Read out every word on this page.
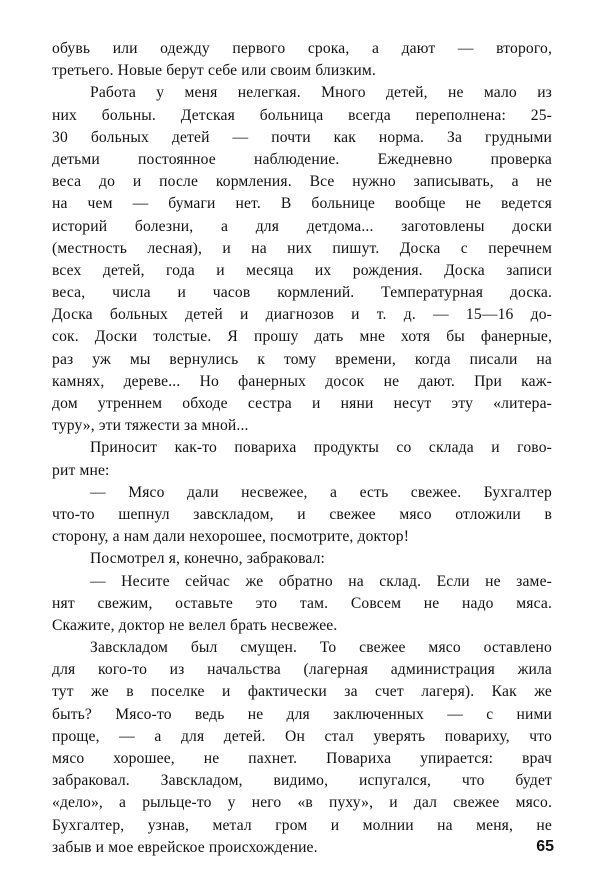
обувь или одежду первого срока, а дают — второго,
третьего. Новые берут себе или своим близким.
Работа у меня нелегкая. Много детей, не мало из
них больны. Детская больница всегда переполнена: 25-
30 больных детей — почти как норма. За грудными
детьми постоянное наблюдение. Ежедневно проверка
веса до и после кормления. Все нужно записывать, а не
на чем — бумаги нет. В больнице вообще не ведется
историй болезни, а для детдома... заготовлены доски
(местность лесная), и на них пишут. Доска с перечнем
всех детей, года и месяца их рождения. Доска записи
веса, числа и часов кормлений. Температурная доска.
Доска больных детей и диагнозов и т. д. — 15—16 до-
сок. Доски толстые. Я прошу дать мне хотя бы фанерные,
раз уж мы вернулись к тому времени, когда писали на
камнях, дереве... Но фанерных досок не дают. При каж-
дом утреннем обходе сестра и няни несут эту «литера-
туру», эти тяжести за мной...
Приносит как-то повариха продукты со склада и гово-
рит мне:
— Мясо дали несвежее, а есть свежее. Бухгалтер
что-то шепнул завскладом, и свежее мясо отложили в
сторону, а нам дали нехорошее, посмотрите, доктор!
Посмотрел я, конечно, забраковал:
— Несите сейчас же обратно на склад. Если не заме-
нят свежим, оставьте это там. Совсем не надо мяса.
Скажите, доктор не велел брать несвежее.
Завскладом был смущен. То свежее мясо оставлено
для кого-то из начальства (лагерная администрация жила
тут же в поселке и фактически за счет лагеря). Как же
быть? Мясо-то ведь не для заключенных — с ними
проще, — а для детей. Он стал уверять повариху, что
мясо хорошее, не пахнет. Повариха упирается: врач
забраковал. Завскладом, видимо, испугался, что будет
«дело», а рыльце-то у него «в пуху», и дал свежее мясо.
Бухгалтер, узнав, метал гром и молнии на меня, не
забыв и мое еврейское происхождение.	65
